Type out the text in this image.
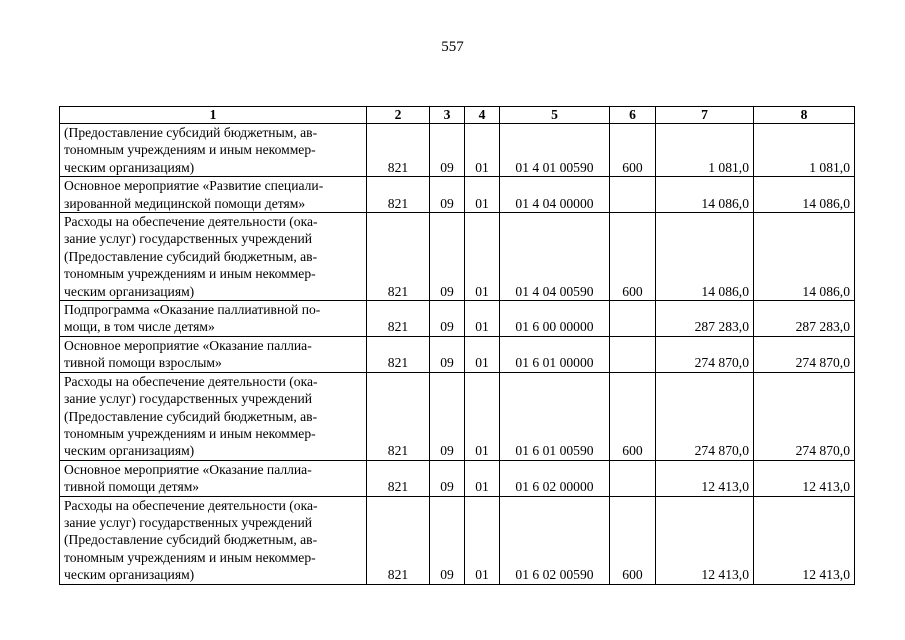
557
1	2	3	4	5	6	7	8
(Предоставление субсидий бюджетным, ав-
тономным учреждениям и иным некоммер-
ческим организациям)	821	09	01	01 4 01 00590	600	1 081,0	1 081,0
Основное мероприятие «Развитие специали-
зированной медицинской помощи детям»	821	09	01	01 4 04 00000		14 086,0	14 086,0
Расходы на обеспечение деятельности (ока-
зание услуг) государственных учреждений
(Предоставление субсидий бюджетным, ав-
тономным учреждениям и иным некоммер-
ческим организациям)	821	09	01	01 4 04 00590	600	14 086,0	14 086,0
Подпрограмма «Оказание паллиативной по-
мощи, в том числе детям»	821	09	01	01 6 00 00000		287 283,0	287 283,0
Основное мероприятие «Оказание паллиа-
тивной помощи взрослым»	821	09	01	01 6 01 00000		274 870,0	274 870,0
Расходы на обеспечение деятельности (ока-
зание услуг) государственных учреждений
(Предоставление субсидий бюджетным, ав-
тономным учреждениям и иным некоммер-
ческим организациям)	821	09	01	01 6 01 00590	600	274 870,0	274 870,0
Основное мероприятие «Оказание паллиа-
тивной помощи детям»	821	09	01	01 6 02 00000		12 413,0	12 413,0
Расходы на обеспечение деятельности (ока-
зание услуг) государственных учреждений
(Предоставление субсидий бюджетным, ав-
тономным учреждениям и иным некоммер-
ческим организациям)	821	09	01	01 6 02 00590	600	12 413,0	12 413,0
